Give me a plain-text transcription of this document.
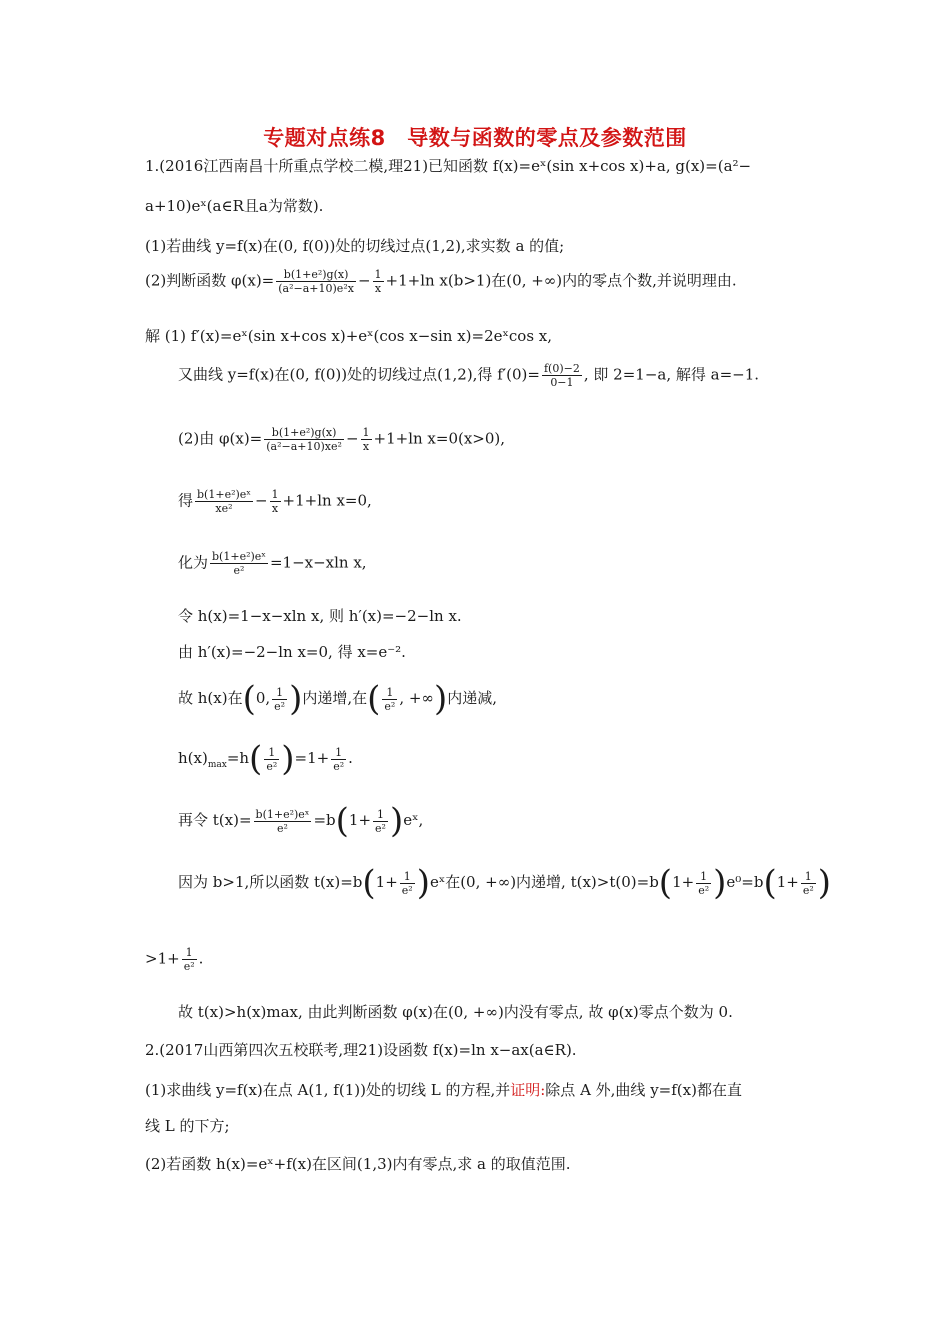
专题对点练8　导数与函数的零点及参数范围
1.(2016江西南昌十所重点学校二模,理21)已知函数 f(x)=eˣ(sin x+cos x)+a, g(x)=(a²−
a+10)eˣ(a∈R且a为常数).
(1)若曲线 y=f(x)在(0, f(0))处的切线过点(1,2),求实数 a 的值;
(2)判断函数 $\varphi(x)= \frac{\text{b(1+e²)g(x)}}{\text{(a²−a+10)e²x}} - \frac{1}{x} +1+\ln$ x(b>1)在(0, +∞)内的零点个数,并说明理由.
解 (1) f′(x)=eˣ(sin x+cos x)+eˣ(cos x−sin x)=2eˣcos x,
又曲线 y=f(x)在(0, f(0))处的切线过点(1,2),得 $f'(0)= \frac{f(0)-2}{0-1}$ , 即 2=1−a, 解得 a=−1.
(2)由 $\varphi(x)= \frac{\text{b(1+e²)g(x)}}{\text{(a²−a+10)xe²}} - \frac{1}{x} +1+\ln$ x=0(x>0),
得 $\frac{\text{b(1+e²)eˣ}}{\text{xe²}} - \frac{1}{x} +1+\ln$ x=0,
化为 $\frac{\text{b(1+e²)eˣ}}{\text{e²}} =1-x-xln$ x,
令 h(x)=1−x−xln x, 则 h′(x)=−2−ln x.
由 h′(x)=−2−ln x=0, 得 x=e⁻².
故 h(x)在(0, $\frac{1}{\text{e²}}$ )内递增,在( $\frac{1}{\text{e²}}$ , +∞)内递减,
$h(x)_{max}=h( \frac{1}{\text{e²}} )=1+ \frac{1}{\text{e²}}$ .
再令 $t(x)= \frac{\text{b(1+e²)eˣ}}{\text{e²}} =b(1+ \frac{1}{\text{e²}}$ )eˣ,
因为 b>1,所以函数 $t(x)=b(1+ \frac{1}{\text{e²}}$ )eˣ在(0, +∞)内递增, $t(x)>t(0)=b(1+ \frac{1}{\text{e²}} )e^0=b(1+ \frac{1}{\text{e²}}$ )
$>1+ \frac{1}{\text{e²}}$ .
故 t(x)>h(x)max, 由此判断函数 φ(x)在(0, +∞)内没有零点, 故 φ(x)零点个数为 0.
2.(2017山西第四次五校联考,理21)设函数 f(x)=ln x−ax(a∈R).
(1)求曲线 y=f(x)在点 A(1, f(1))处的切线 L 的方程,并证明:除点 A 外,曲线 y=f(x)都在直
线 L 的下方;
(2)若函数 h(x)=eˣ+f(x)在区间(1,3)内有零点,求 a 的取值范围.
